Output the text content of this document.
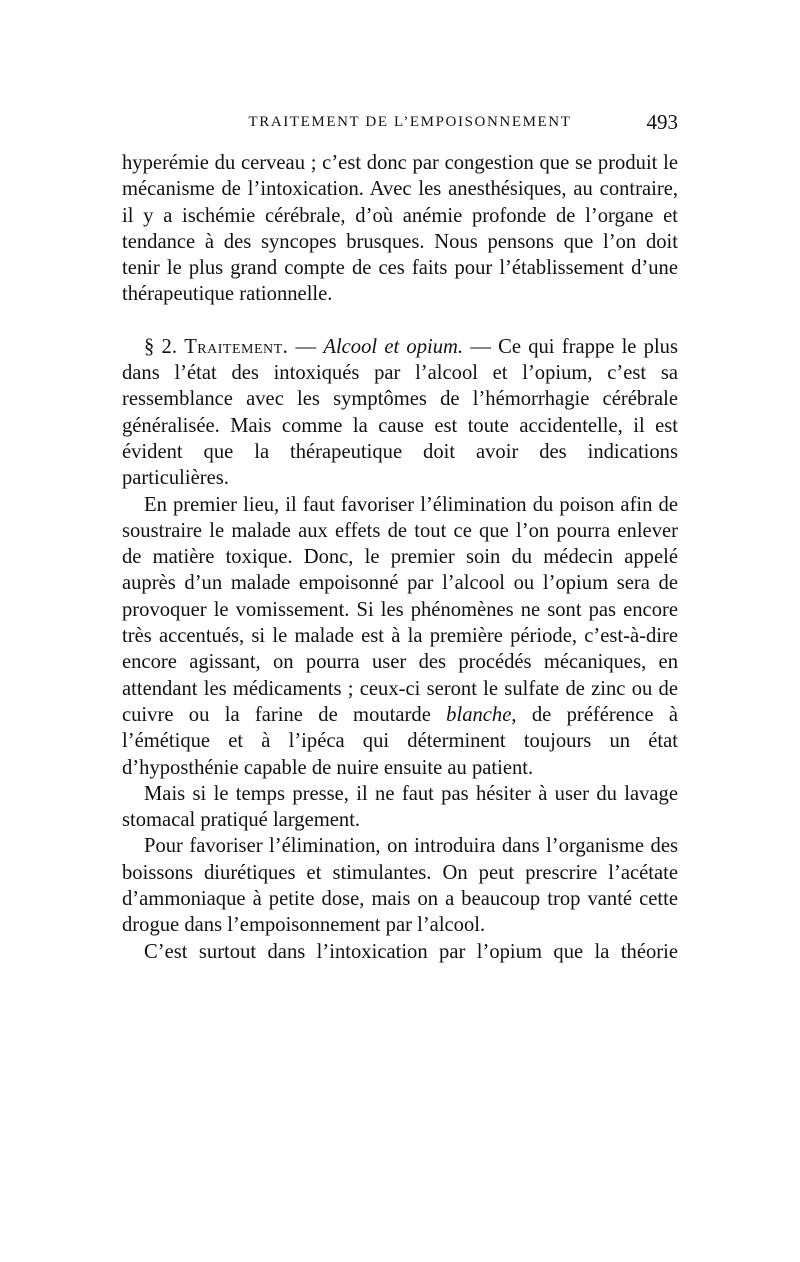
TRAITEMENT DE L’EMPOISONNEMENT	493

hyperémie du cerveau ; c’est donc par congestion que se produit le mécanisme de l’intoxication. Avec les anesthésiques, au contraire, il y a ischémie cérébrale, d’où anémie profonde de l’organe et tendance à des syncopes brusques. Nous pensons que l’on doit tenir le plus grand compte de ces faits pour l’établissement d’une thérapeutique rationnelle.

§ 2. Traitement. — Alcool et opium. — Ce qui frappe le plus dans l’état des intoxiqués par l’alcool et l’opium, c’est sa ressemblance avec les symptômes de l’hémorrhagie cérébrale généralisée. Mais comme la cause est toute accidentelle, il est évident que la thérapeutique doit avoir des indications particulières.

En premier lieu, il faut favoriser l’élimination du poison afin de soustraire le malade aux effets de tout ce que l’on pourra enlever de matière toxique. Donc, le premier soin du médecin appelé auprès d’un malade empoisonné par l’alcool ou l’opium sera de provoquer le vomissement. Si les phénomènes ne sont pas encore très accentués, si le malade est à la première période, c’est-à-dire encore agissant, on pourra user des procédés mécaniques, en attendant les médicaments ; ceux-ci seront le sulfate de zinc ou de cuivre ou la farine de moutarde blanche, de préférence à l’émétique et à l’ipéca qui déterminent toujours un état d’hyposthénie capable de nuire ensuite au patient.

Mais si le temps presse, il ne faut pas hésiter à user du lavage stomacal pratiqué largement.

Pour favoriser l’élimination, on introduira dans l’organisme des boissons diurétiques et stimulantes. On peut prescrire l’acétate d’ammoniaque à petite dose, mais on a beaucoup trop vanté cette drogue dans l’empoisonnement par l’alcool.

C’est surtout dans l’intoxication par l’opium que la théorie
